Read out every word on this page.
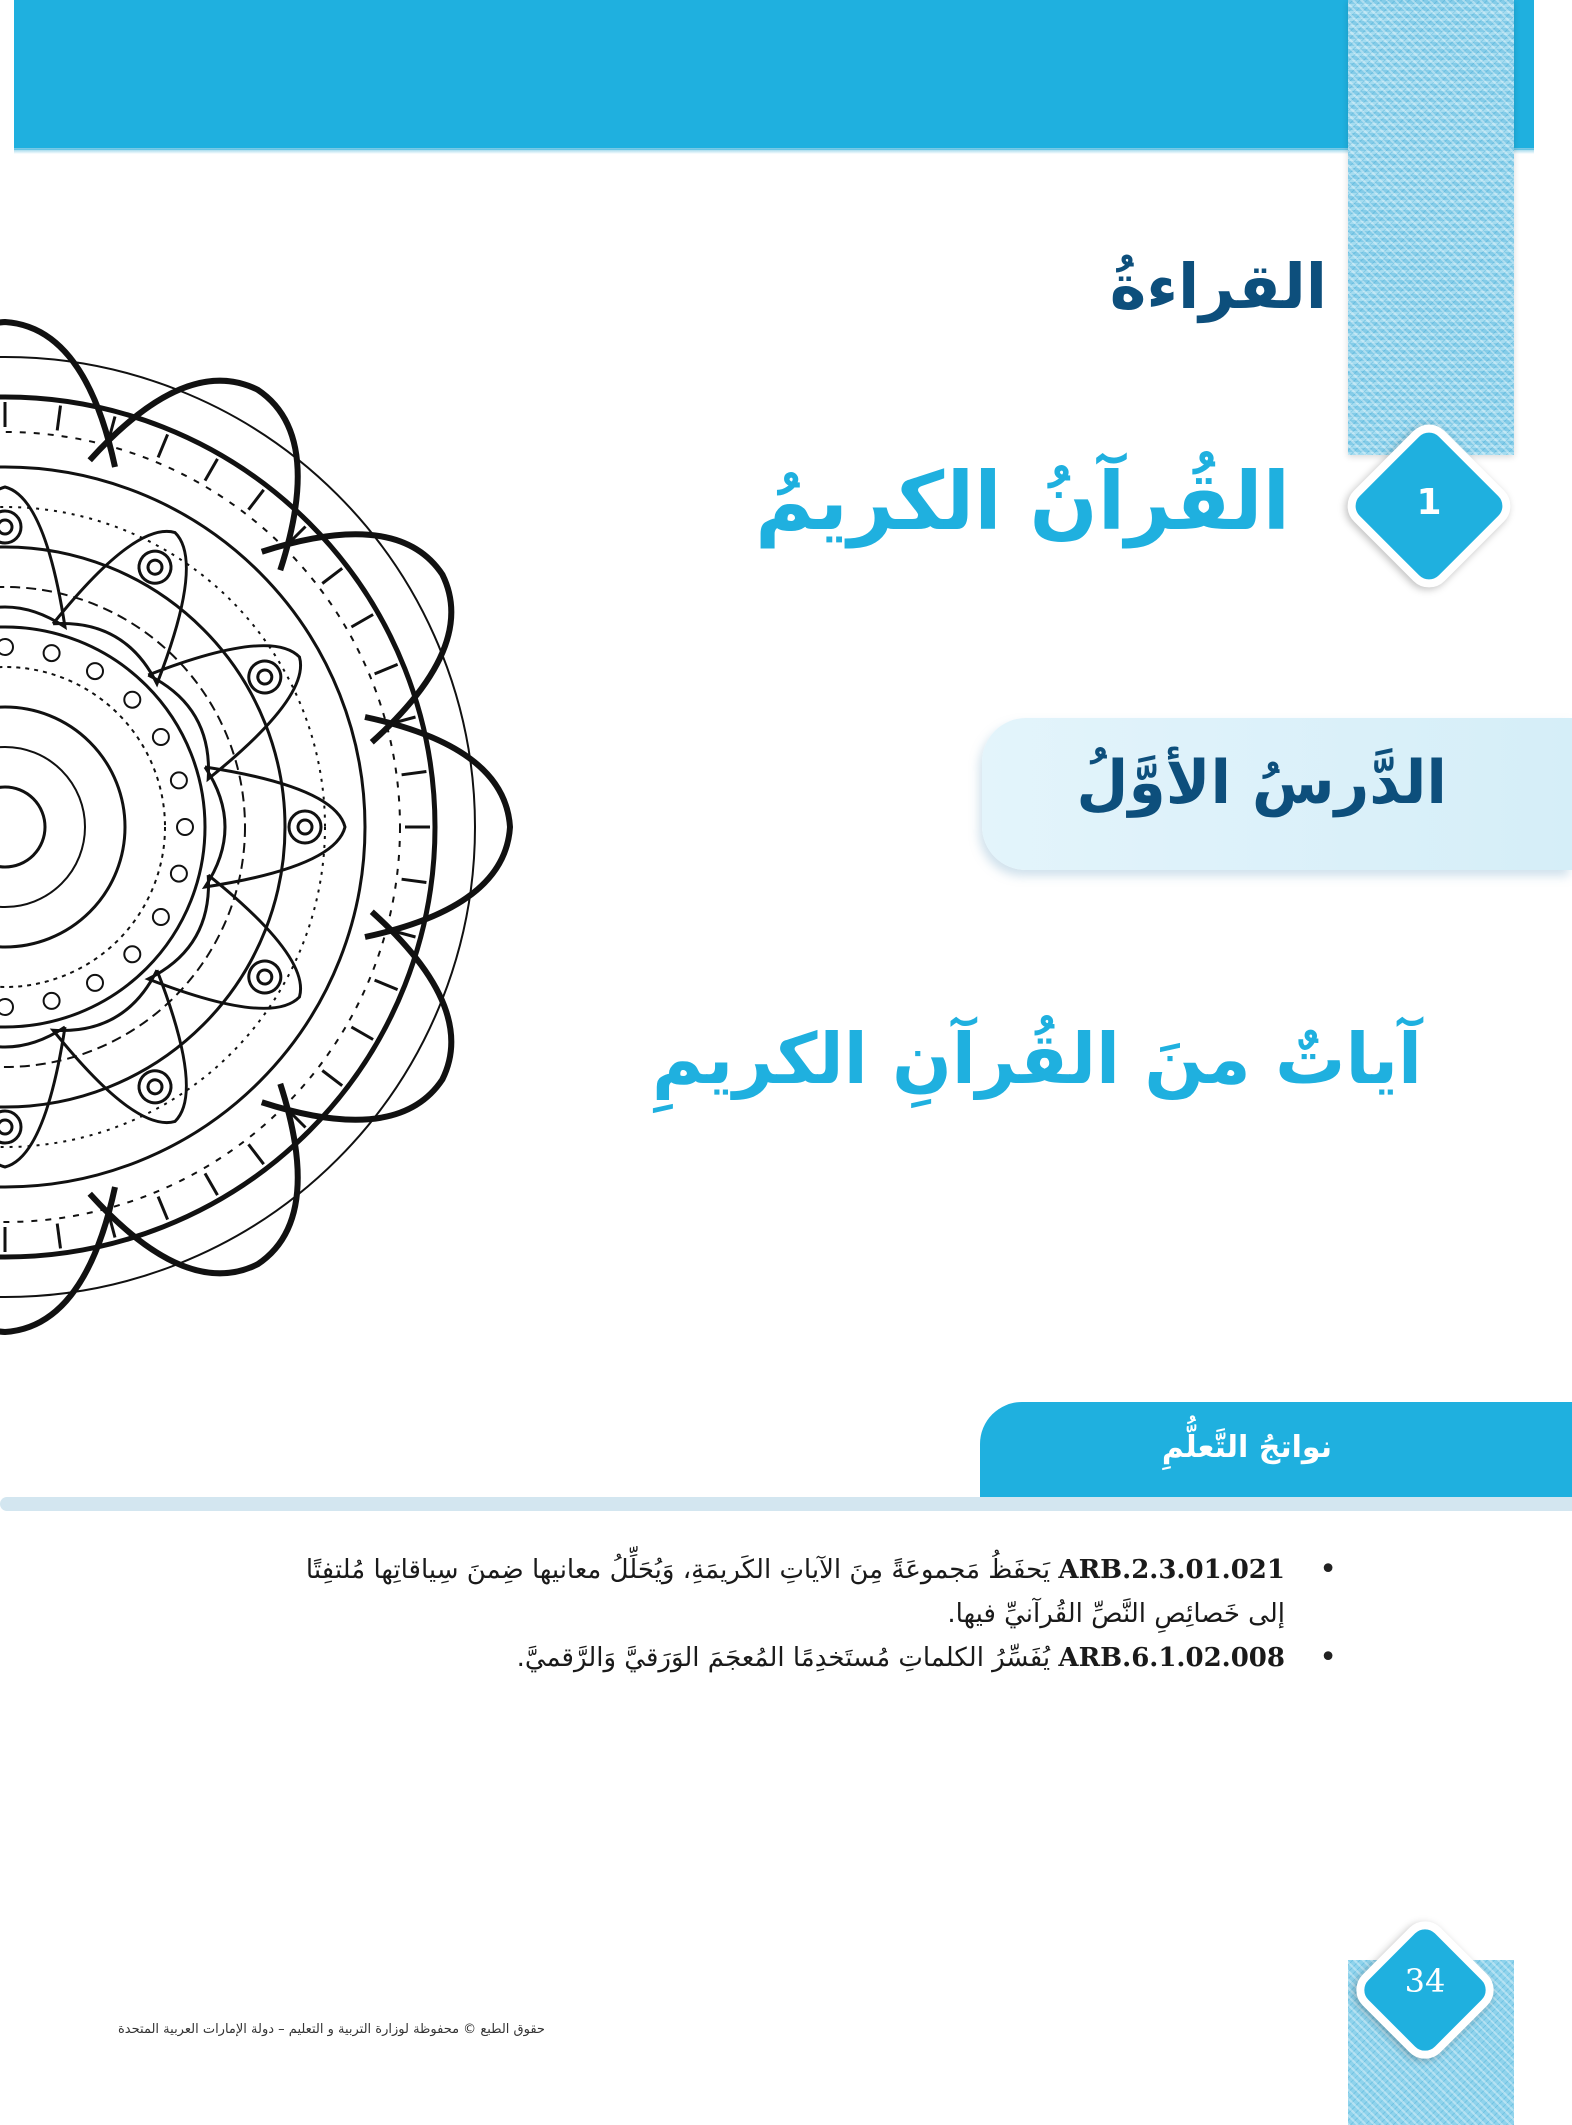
القراءةُ
1
القُرآنُ الكريمُ
الدَّرسُ الأوَّلُ
آياتٌ منَ القُرآنِ الكريمِ
نواتجُ التَّعلُّمِ
• ARB.2.3.01.021 يَحفَظُ مَجموعَةً مِنَ الآياتِ الكَريمَةِ، وَيُحَلِّلُ معانيها ضِمنَ سِياقاتِها مُلتفِتًا إلى خَصائِصِ النَّصِّ القُرآنيِّ فيها.
• ARB.6.1.02.008 يُفَسِّرُ الكلماتِ مُستَخدِمًا المُعجَمَ الوَرَقيَّ وَالرَّقميَّ.

حقوق الطبع © محفوظة لوزارة التربية و التعليم – دولة الإمارات العربية المتحدة

34
